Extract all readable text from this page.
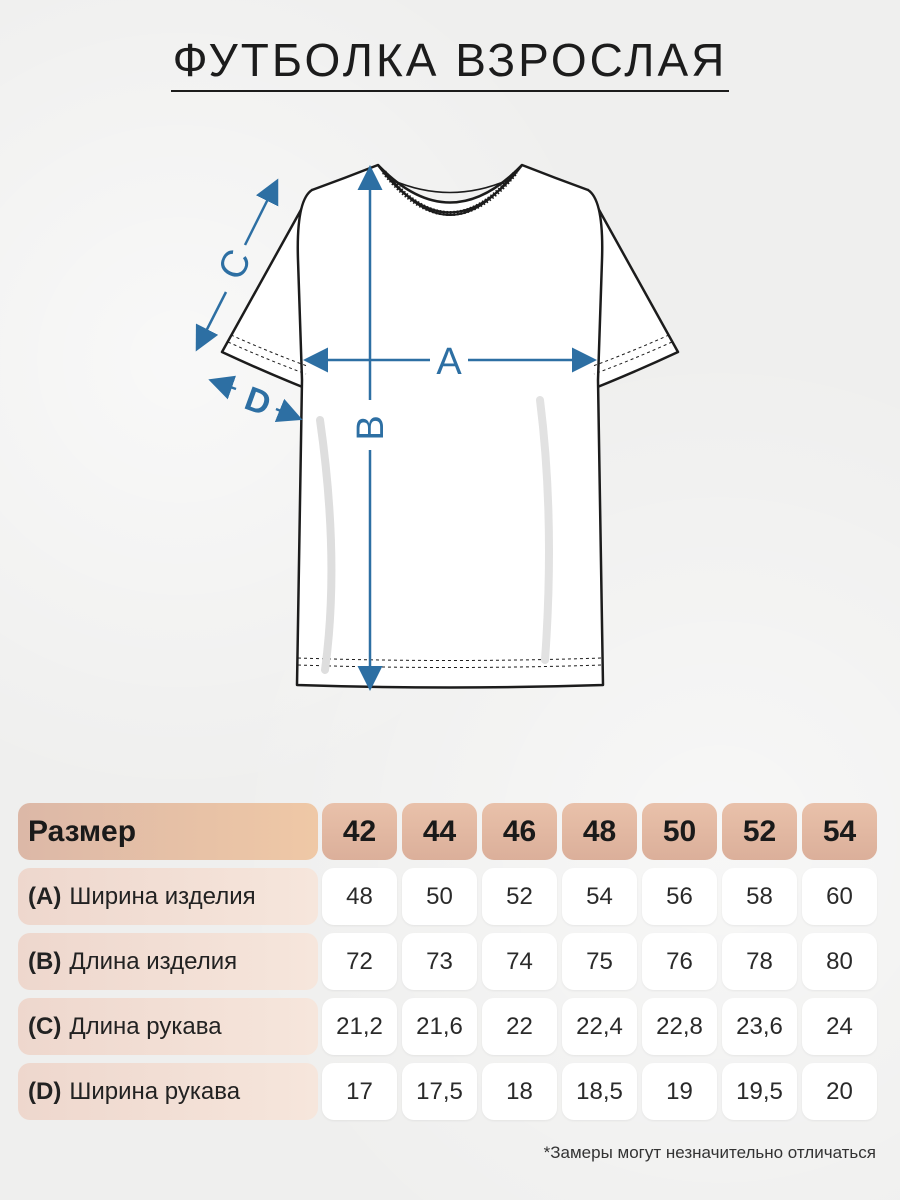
ФУТБОЛКА ВЗРОСЛАЯ
A
B
C
D
Размер	42	44	46	48	50	52	54
(A) Ширина изделия	48	50	52	54	56	58	60
(B) Длина изделия	72	73	74	75	76	78	80
(C) Длина рукава	21,2	21,6	22	22,4	22,8	23,6	24
(D) Ширина рукава	17	17,5	18	18,5	19	19,5	20
*Замеры могут незначительно отличаться
